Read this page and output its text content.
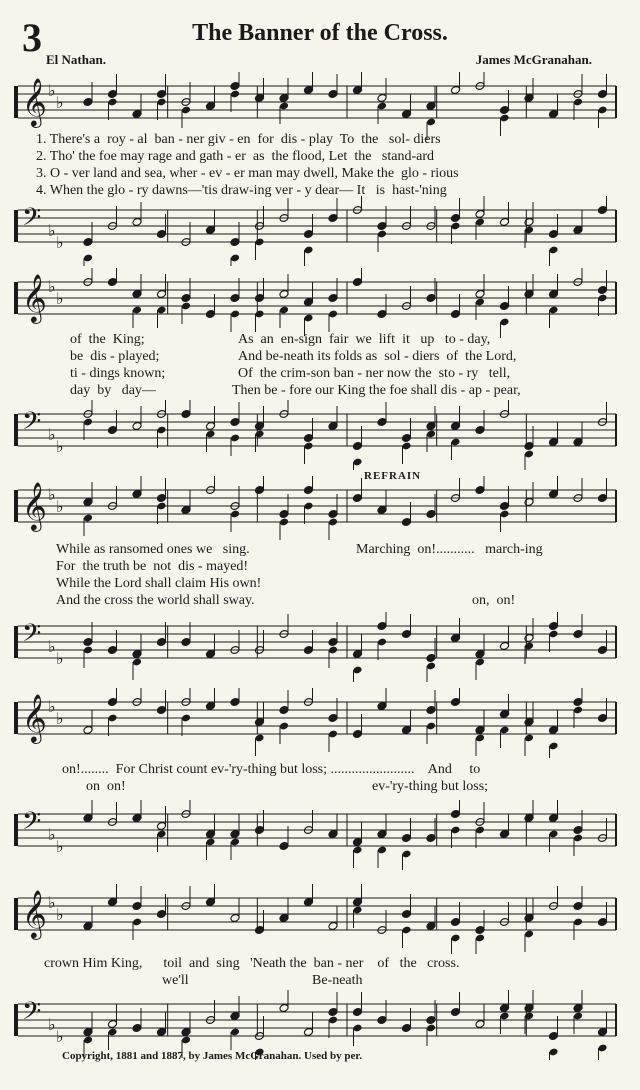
3	The Banner of the Cross.
El Nathan.	James McGranahan.
𝄞 ♭
♭
𝄢 ♭
♭
𝄞 ♭
♭
𝄢 ♭
♭
𝄞 ♭
♭
𝄢 ♭
♭
𝄞 ♭
♭
𝄢 ♭
♭
𝄞 ♭
♭
𝄢 ♭
♭
1. There's a  roy - al  ban - ner giv - en  for  dis - play  To  the   sol- diers
2. Tho' the foe may rage and gath - er  as  the flood, Let  the   stand-ard
3. O - ver land and sea, wher - ev - er man may dwell, Make the  glo - rious
4. When the glo - ry dawns—'tis draw-ing ver - y dear— It   is  hast-'ning
of  the  King;
be  dis - played;
ti - dings known;
day  by   day—
As  an  en-sign  fair  we  lift  it   up   to - day,
And be-neath its folds as  sol - diers  of  the Lord,
Of  the crim-son ban - ner now the  sto - ry   tell,
Then be - fore our King the foe shall dis - ap - pear,
REFRAIN
While as ransomed ones we   sing.
For  the truth be  not  dis - mayed!
While the Lord shall claim His own!
And the cross the world shall sway.
Marching  on!...........   march-ing
on,  on!
on!........  For Christ count ev-'ry-thing but loss; ........................    And     to
on  on!	ev-'ry-thing but loss;
crown Him King,      toil  and  sing   'Neath the  ban - ner    of   the   cross.
we'll	Be-neath
Copyright, 1881 and 1887, by James McGranahan. Used by per.
